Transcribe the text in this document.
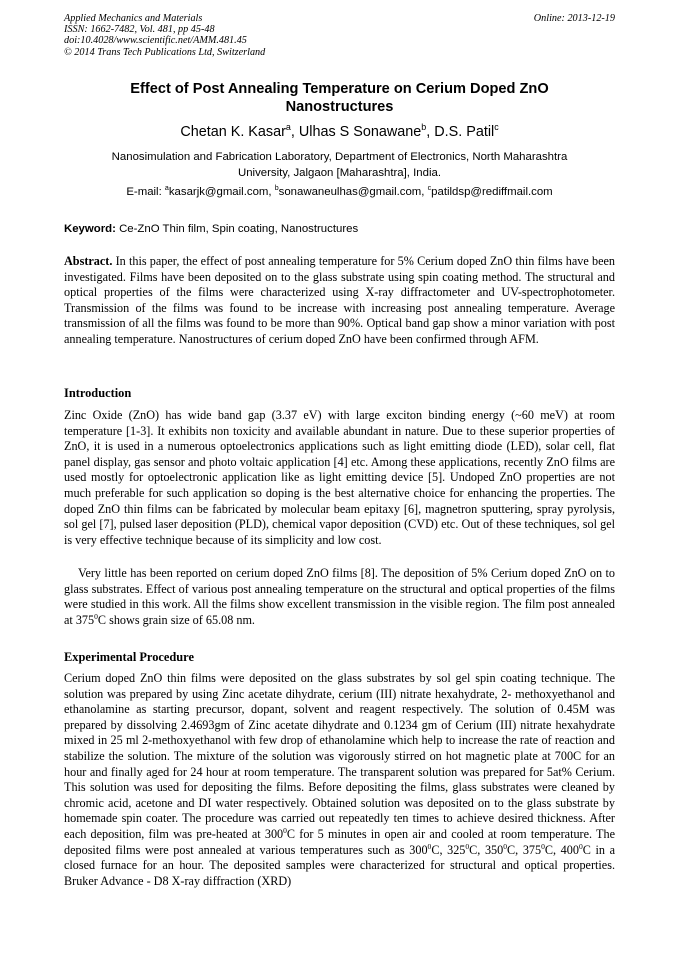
Applied Mechanics and Materials
ISSN: 1662-7482, Vol. 481, pp 45-48
doi:10.4028/www.scientific.net/AMM.481.45
© 2014 Trans Tech Publications Ltd, Switzerland
Online: 2013-12-19
Effect of Post Annealing Temperature on Cerium Doped ZnO
Nanostructures
Chetan K. Kasar$^a$, Ulhas S Sonawane$^b$, D.S. Patil$^c$
Nanosimulation and Fabrication Laboratory, Department of Electronics, North Maharashtra
University, Jalgaon [Maharashtra], India.
E-mail: $^a$kasarjk@gmail.com, $^b$sonawaneulhas@gmail.com, $^c$patildsp@rediffmail.com
Keyword: Ce-ZnO Thin film, Spin coating, Nanostructures
Abstract. In this paper, the effect of post annealing temperature for 5% Cerium doped ZnO thin films have been investigated. Films have been deposited on to the glass substrate using spin coating method. The structural and optical properties of the films were characterized using X-ray diffractometer and UV-spectrophotometer. Transmission of the films was found to be increase with increasing post annealing temperature. Average transmission of all the films was found to be more than 90%. Optical band gap show a minor variation with post annealing temperature. Nanostructures of cerium doped ZnO have been confirmed through AFM.
Introduction
Zinc Oxide (ZnO) has wide band gap (3.37 eV) with large exciton binding energy (~60 meV) at room temperature [1-3]. It exhibits non toxicity and available abundant in nature. Due to these superior properties of ZnO, it is used in a numerous optoelectronics applications such as light emitting diode (LED), solar cell, flat panel display, gas sensor and photo voltaic application [4] etc. Among these applications, recently ZnO films are used mostly for optoelectronic application like as light emitting device [5]. Undoped ZnO properties are not much preferable for such application so doping is the best alternative choice for enhancing the properties. The doped ZnO thin films can be fabricated by molecular beam epitaxy [6], magnetron sputtering, spray pyrolysis, sol gel [7], pulsed laser deposition (PLD), chemical vapor deposition (CVD) etc. Out of these techniques, sol gel is very effective technique because of its simplicity and low cost.
Very little has been reported on cerium doped ZnO films [8]. The deposition of 5% Cerium doped ZnO on to glass substrates. Effect of various post annealing temperature on the structural and optical properties of the films were studied in this work. All the films show excellent transmission in the visible region. The film post annealed at $375^0C$ shows grain size of 65.08 nm.
Experimental Procedure
Cerium doped ZnO thin films were deposited on the glass substrates by sol gel spin coating technique. The solution was prepared by using Zinc acetate dihydrate, cerium (III) nitrate hexahydrate, 2- methoxyethanol and ethanolamine as starting precursor, dopant, solvent and reagent respectively. The solution of 0.45M was prepared by dissolving 2.4693gm of Zinc acetate dihydrate and 0.1234 gm of Cerium (III) nitrate hexahydrate mixed in 25 ml 2-methoxyethanol with few drop of ethanolamine which help to increase the rate of reaction and stabilize the solution. The mixture of the solution was vigorously stirred on hot magnetic plate at 700C for an hour and finally aged for 24 hour at room temperature. The transparent solution was prepared for 5at% Cerium. This solution was used for depositing the films. Before depositing the films, glass substrates were cleaned by chromic acid, acetone and DI water respectively. Obtained solution was deposited on to the glass substrate by homemade spin coater. The procedure was carried out repeatedly ten times to achieve desired thickness. After each deposition, film was pre-heated at $300^0C$ for 5 minutes in open air and cooled at room temperature. The deposited films were post annealed at various temperatures such as $300^0C$, $325^0C$, $350^0C$, $375^0C$, $400^0C$ in a closed furnace for an hour. The deposited samples were characterized for structural and optical properties. Bruker Advance - D8 X-ray diffraction (XRD)
